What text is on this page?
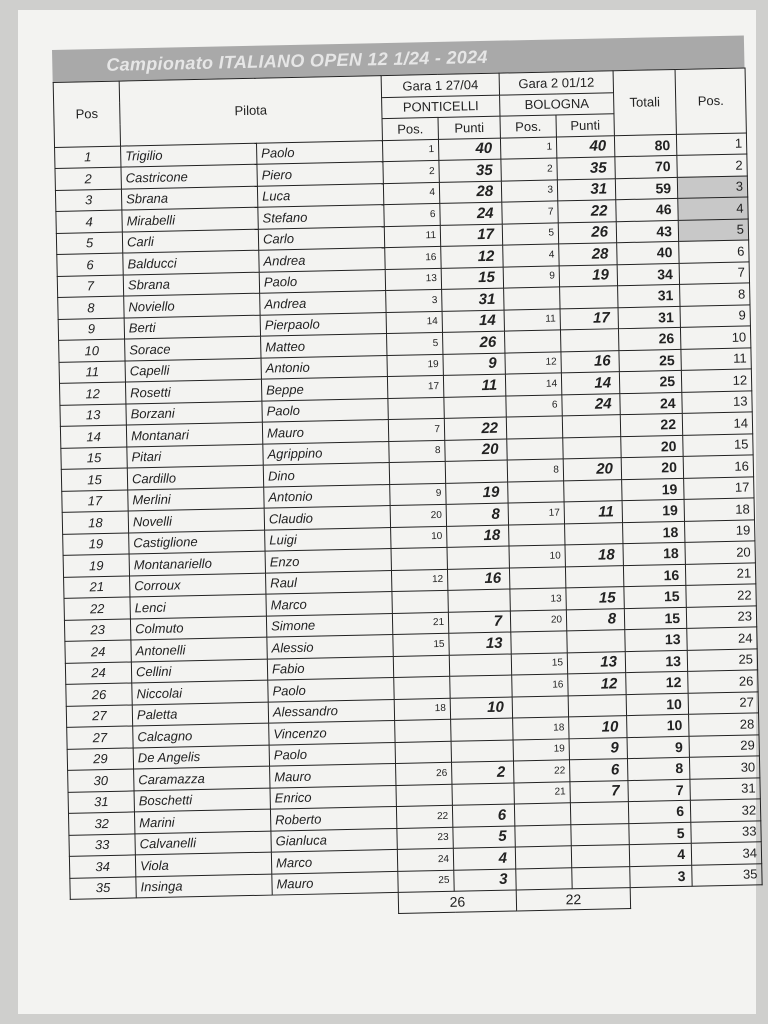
Campionato ITALIANO OPEN 12 1/24 - 2024
Pos	Pilota		Gara 1 27/04		Gara 2 01/12		Totali	Pos.
			PONTICELLI		BOLOGNA			
			Pos.	Punti	Pos.	Punti		
1	Trigilio	Paolo	1	40	1	40	80	1
2	Castricone	Piero	2	35	2	35	70	2
3	Sbrana	Luca	4	28	3	31	59	3
4	Mirabelli	Stefano	6	24	7	22	46	4
5	Carli	Carlo	11	17	5	26	43	5
6	Balducci	Andrea	16	12	4	28	40	6
7	Sbrana	Paolo	13	15	9	19	34	7
8	Noviello	Andrea	3	31			31	8
9	Berti	Pierpaolo	14	14	11	17	31	9
10	Sorace	Matteo	5	26			26	10
11	Capelli	Antonio	19	9	12	16	25	11
12	Rosetti	Beppe	17	11	14	14	25	12
13	Borzani	Paolo			6	24	24	13
14	Montanari	Mauro	7	22			22	14
15	Pitari	Agrippino	8	20			20	15
15	Cardillo	Dino			8	20	20	16
17	Merlini	Antonio	9	19			19	17
18	Novelli	Claudio	20	8	17	11	19	18
19	Castiglione	Luigi	10	18			18	19
19	Montanariello	Enzo			10	18	18	20
21	Corroux	Raul	12	16			16	21
22	Lenci	Marco			13	15	15	22
23	Colmuto	Simone	21	7	20	8	15	23
24	Antonelli	Alessio	15	13			13	24
24	Cellini	Fabio			15	13	13	25
26	Niccolai	Paolo			16	12	12	26
27	Paletta	Alessandro	18	10			10	27
27	Calcagno	Vincenzo			18	10	10	28
29	De Angelis	Paolo			19	9	9	29
30	Caramazza	Mauro	26	2	22	6	8	30
31	Boschetti	Enrico			21	7	7	31
32	Marini	Roberto	22	6			6	32
33	Calvanelli	Gianluca	23	5			5	33
34	Viola	Marco	24	4			4	34
35	Insinga	Mauro	25	3			3	35
			26		22			
